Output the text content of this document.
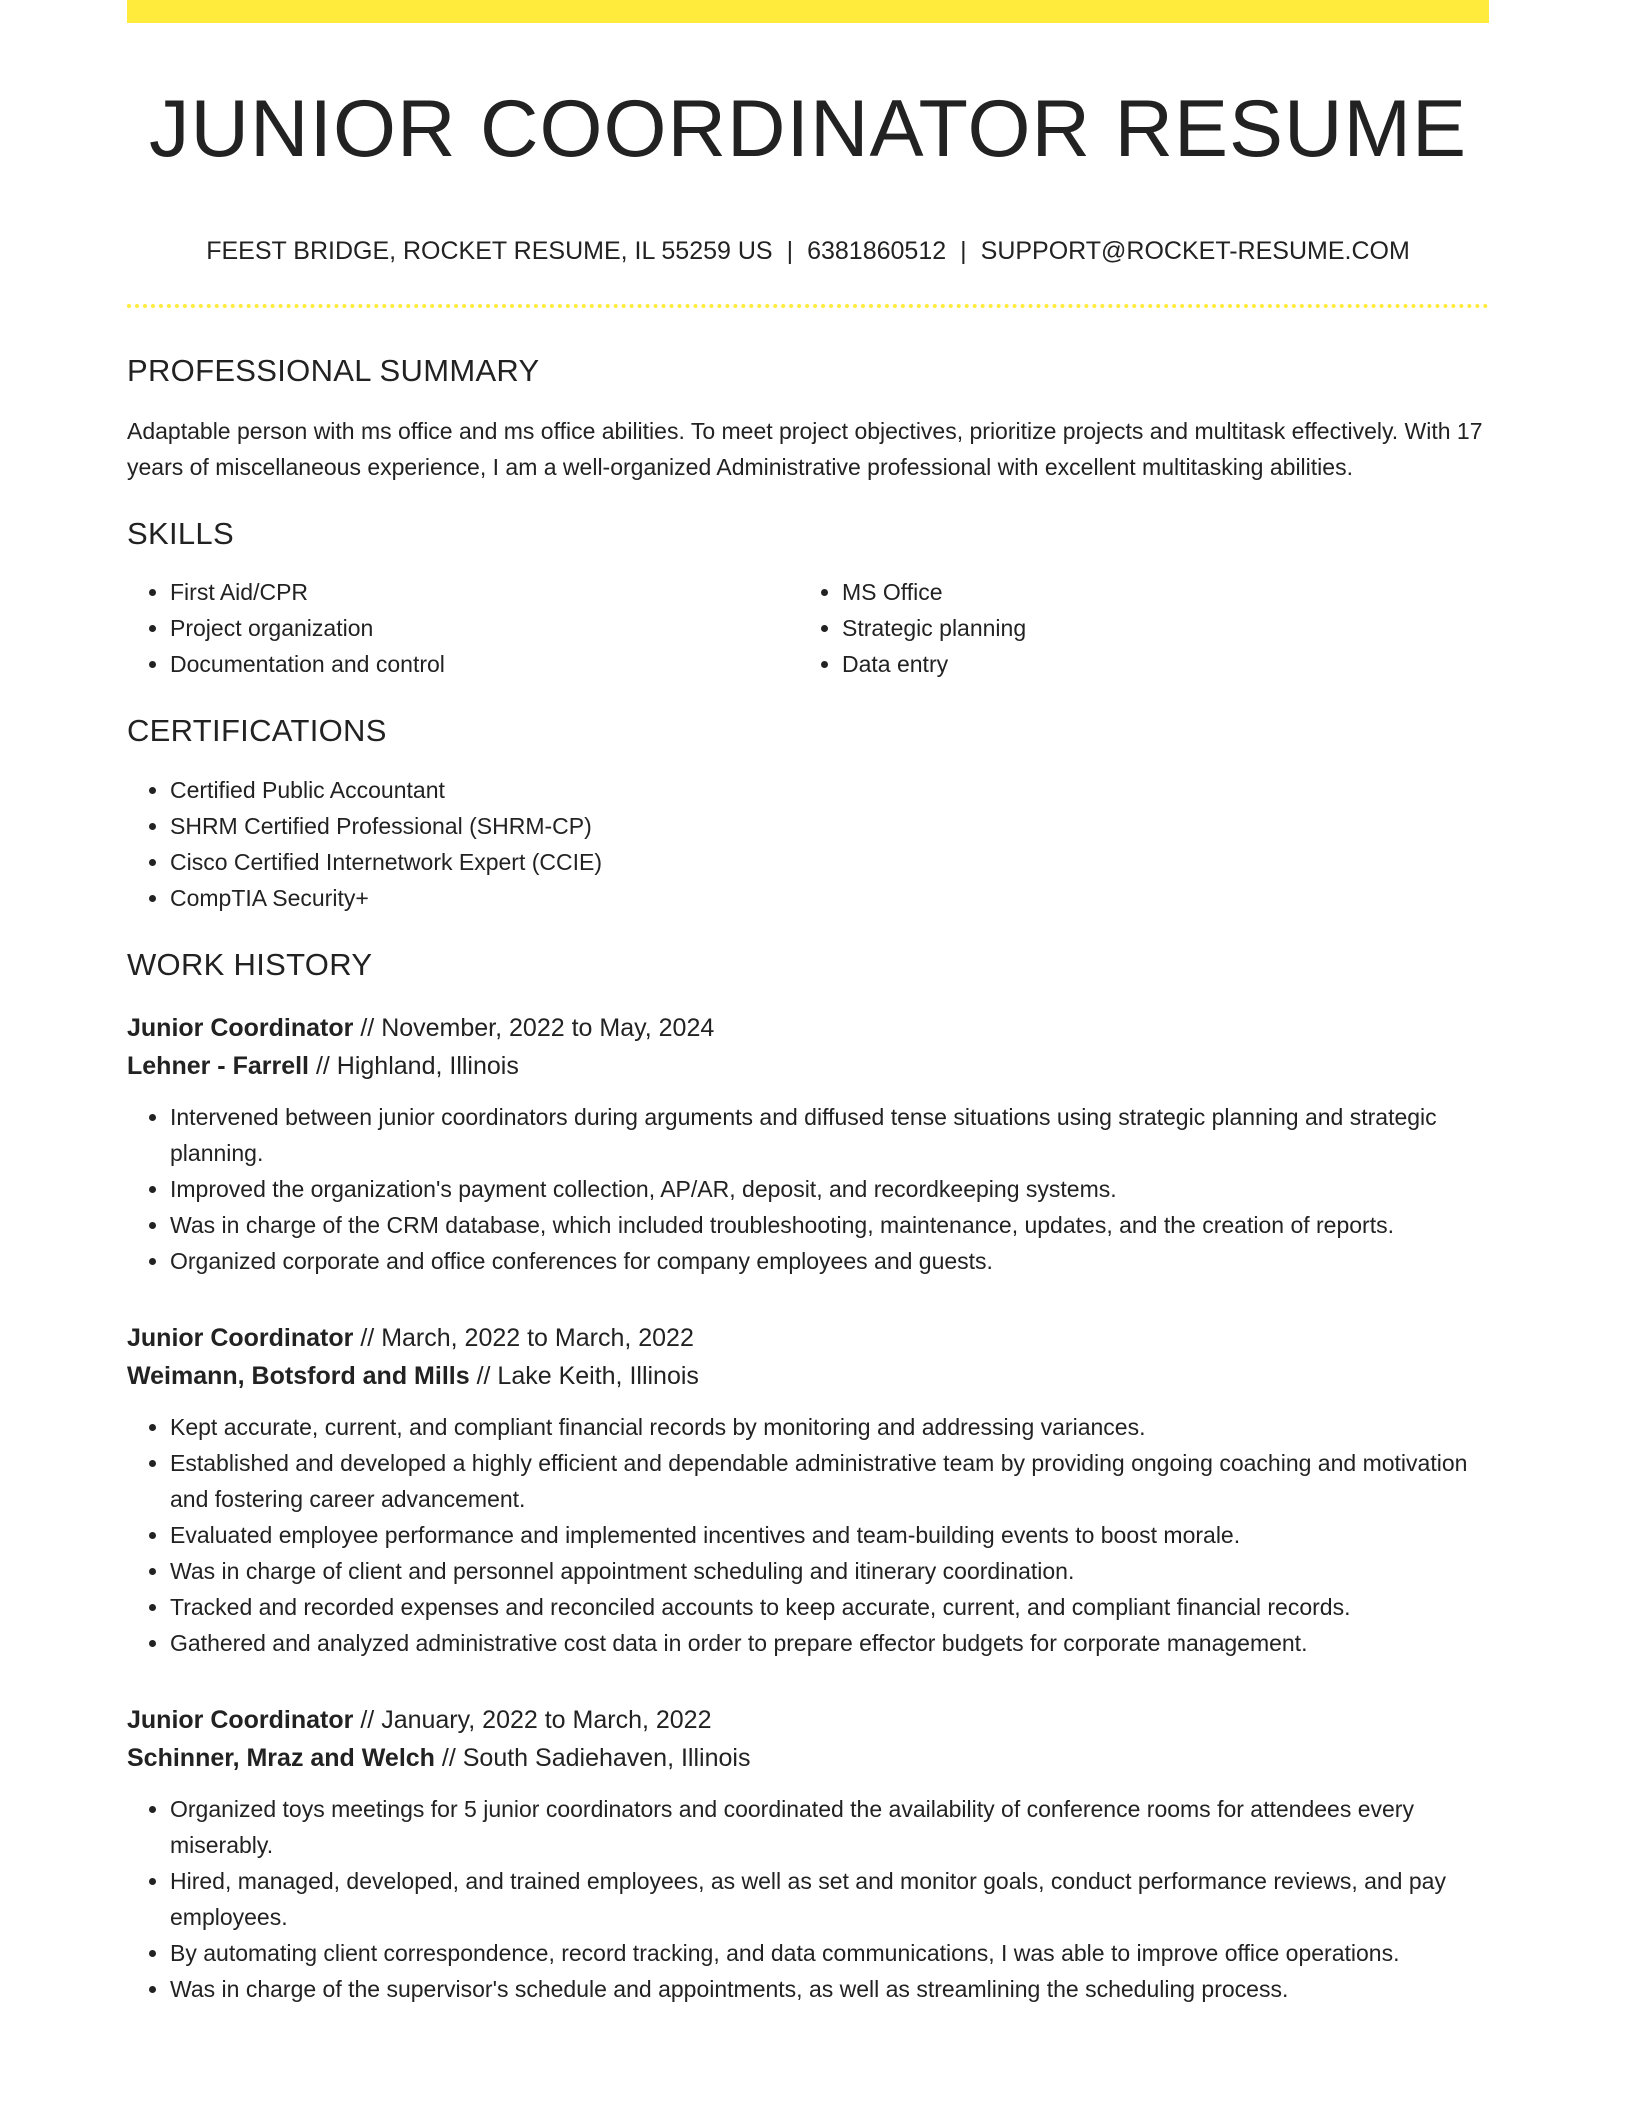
JUNIOR COORDINATOR RESUME
FEEST BRIDGE, ROCKET RESUME, IL 55259 US | 6381860512 | SUPPORT@ROCKET-RESUME.COM
PROFESSIONAL SUMMARY
Adaptable person with ms office and ms office abilities. To meet project objectives, prioritize projects and multitask effectively. With 17 years of miscellaneous experience, I am a well-organized Administrative professional with excellent multitasking abilities.
SKILLS
• First Aid/CPR
• Project organization
• Documentation and control
• MS Office
• Strategic planning
• Data entry
CERTIFICATIONS
• Certified Public Accountant
• SHRM Certified Professional (SHRM-CP)
• Cisco Certified Internetwork Expert (CCIE)
• CompTIA Security+
WORK HISTORY
Junior Coordinator // November, 2022 to May, 2024
Lehner - Farrell // Highland, Illinois
• Intervened between junior coordinators during arguments and diffused tense situations using strategic planning and strategic planning.
• Improved the organization's payment collection, AP/AR, deposit, and recordkeeping systems.
• Was in charge of the CRM database, which included troubleshooting, maintenance, updates, and the creation of reports.
• Organized corporate and office conferences for company employees and guests.
Junior Coordinator // March, 2022 to March, 2022
Weimann, Botsford and Mills // Lake Keith, Illinois
• Kept accurate, current, and compliant financial records by monitoring and addressing variances.
• Established and developed a highly efficient and dependable administrative team by providing ongoing coaching and motivation and fostering career advancement.
• Evaluated employee performance and implemented incentives and team-building events to boost morale.
• Was in charge of client and personnel appointment scheduling and itinerary coordination.
• Tracked and recorded expenses and reconciled accounts to keep accurate, current, and compliant financial records.
• Gathered and analyzed administrative cost data in order to prepare effector budgets for corporate management.
Junior Coordinator // January, 2022 to March, 2022
Schinner, Mraz and Welch // South Sadiehaven, Illinois
• Organized toys meetings for 5 junior coordinators and coordinated the availability of conference rooms for attendees every miserably.
• Hired, managed, developed, and trained employees, as well as set and monitor goals, conduct performance reviews, and pay employees.
• By automating client correspondence, record tracking, and data communications, I was able to improve office operations.
• Was in charge of the supervisor's schedule and appointments, as well as streamlining the scheduling process.
